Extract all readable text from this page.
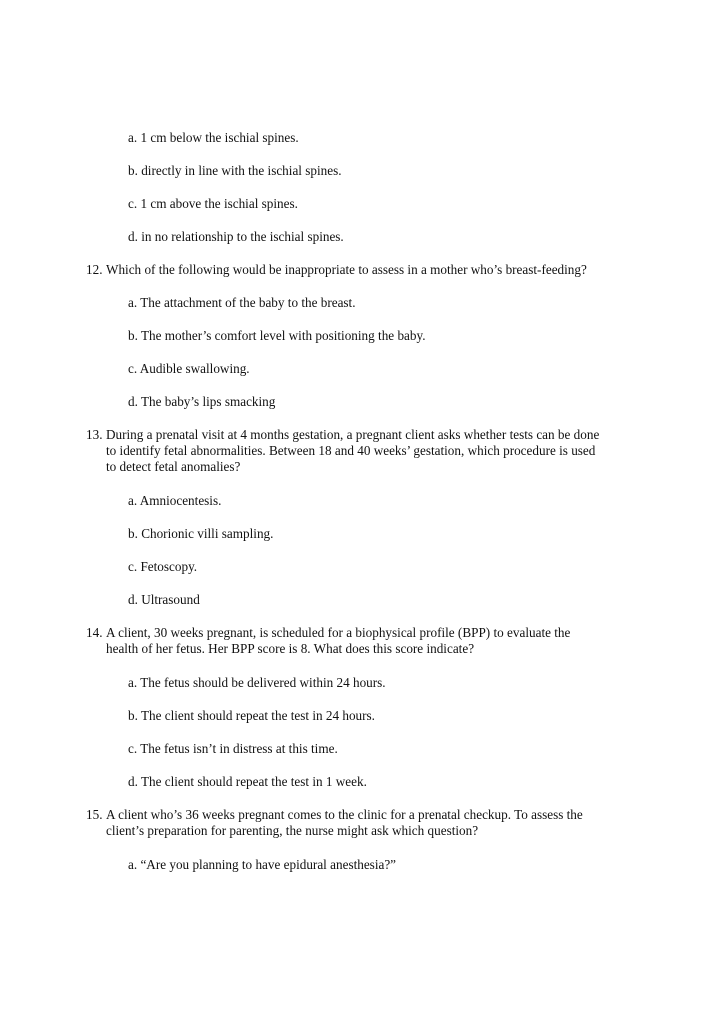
a. 1 cm below the ischial spines.
b. directly in line with the ischial spines.
c. 1 cm above the ischial spines.
d. in no relationship to the ischial spines.
12. Which of the following would be inappropriate to assess in a mother who’s breast-feeding?
a. The attachment of the baby to the breast.
b. The mother’s comfort level with positioning the baby.
c. Audible swallowing.
d. The baby’s lips smacking
13. During a prenatal visit at 4 months gestation, a pregnant client asks whether tests can be done
to identify fetal abnormalities. Between 18 and 40 weeks’ gestation, which procedure is used
to detect fetal anomalies?
a. Amniocentesis.
b. Chorionic villi sampling.
c. Fetoscopy.
d. Ultrasound
14. A client, 30 weeks pregnant, is scheduled for a biophysical profile (BPP) to evaluate the
health of her fetus. Her BPP score is 8. What does this score indicate?
a. The fetus should be delivered within 24 hours.
b. The client should repeat the test in 24 hours.
c. The fetus isn’t in distress at this time.
d. The client should repeat the test in 1 week.
15. A client who’s 36 weeks pregnant comes to the clinic for a prenatal checkup. To assess the
client’s preparation for parenting, the nurse might ask which question?
a. “Are you planning to have epidural anesthesia?”
